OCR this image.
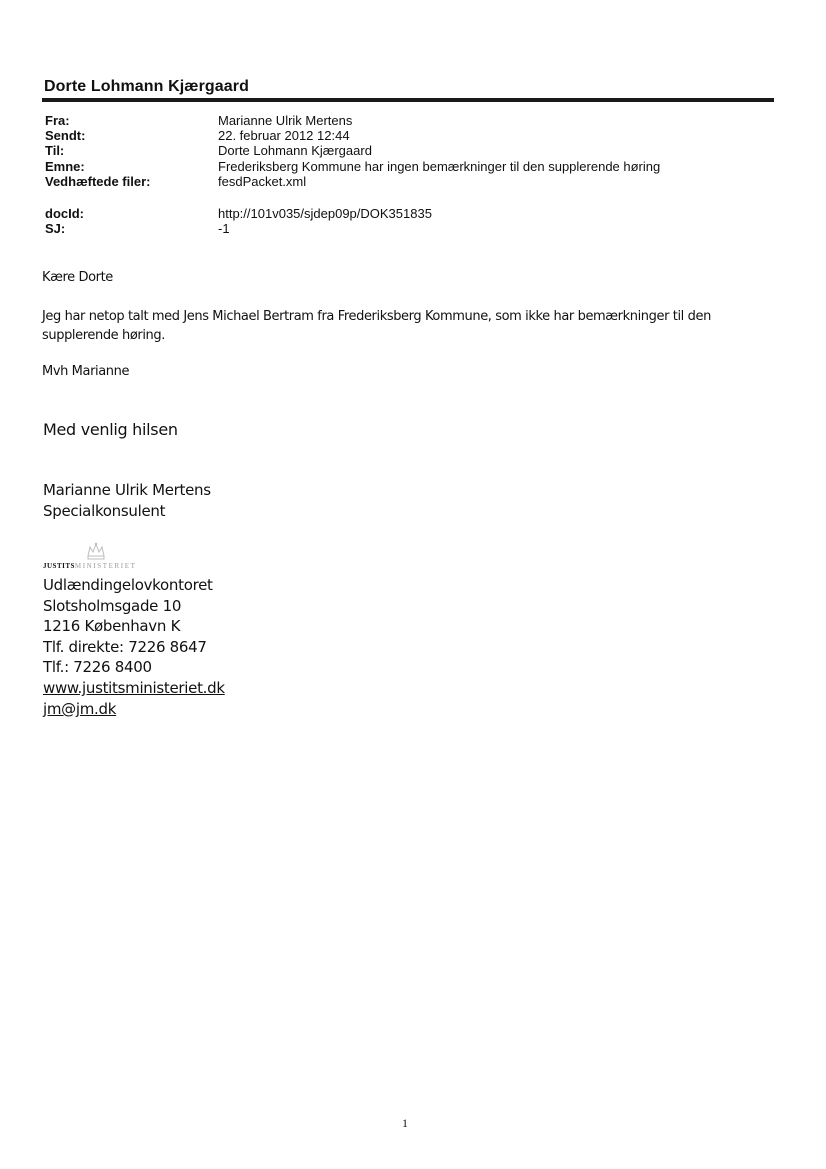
Dorte Lohmann Kjærgaard
Fra:	Marianne Ulrik Mertens
Sendt:	22. februar 2012 12:44
Til:	Dorte Lohmann Kjærgaard
Emne:	Frederiksberg Kommune har ingen bemærkninger til den supplerende høring
Vedhæftede filer:	fesdPacket.xml
docId:	http://101v035/sjdep09p/DOK351835
SJ:	-1
Kære Dorte
Jeg har netop talt med Jens Michael Bertram fra Frederiksberg Kommune, som ikke har bemærkninger til den
supplerende høring.
Mvh Marianne
Med venlig hilsen
Marianne Ulrik Mertens
Specialkonsulent
JUSTITSMINISTERIET
Udlændingelovkontoret
Slotsholmsgade 10
1216 København K
Tlf. direkte: 7226 8647
Tlf.: 7226 8400
www.justitsministeriet.dk
jm@jm.dk
1
